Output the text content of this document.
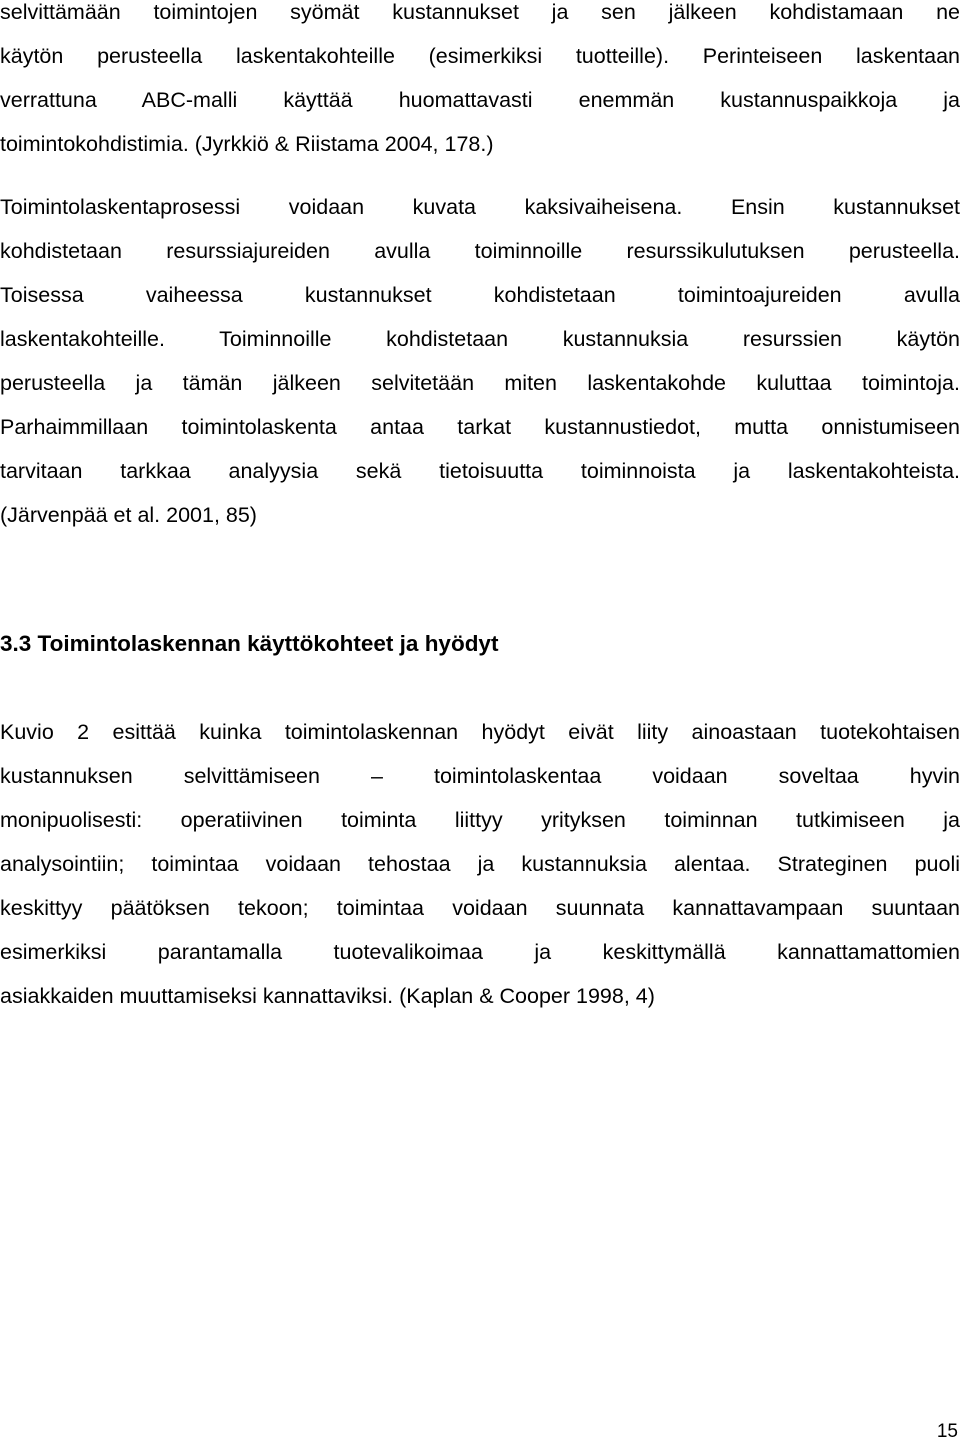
selvittämään toimintojen syömät kustannukset ja sen jälkeen kohdistamaan ne
käytön perusteella laskentakohteille (esimerkiksi tuotteille). Perinteiseen laskentaan
verrattuna ABC-malli käyttää huomattavasti enemmän kustannuspaikkoja ja
toimintokohdistimia. (Jyrkkiö & Riistama 2004, 178.)
Toimintolaskentaprosessi voidaan kuvata kaksivaiheisena. Ensin kustannukset
kohdistetaan resurssiajureiden avulla toiminnoille resurssikulutuksen perusteella.
Toisessa vaiheessa kustannukset kohdistetaan toimintoajureiden avulla
laskentakohteille. Toiminnoille kohdistetaan kustannuksia resurssien käytön
perusteella ja tämän jälkeen selvitetään miten laskentakohde kuluttaa toimintoja.
Parhaimmillaan toimintolaskenta antaa tarkat kustannustiedot, mutta onnistumiseen
tarvitaan tarkkaa analyysia sekä tietoisuutta toiminnoista ja laskentakohteista.
(Järvenpää et al. 2001, 85)
3.3 Toimintolaskennan käyttökohteet ja hyödyt
Kuvio 2 esittää kuinka toimintolaskennan hyödyt eivät liity ainoastaan tuotekohtaisen
kustannuksen selvittämiseen – toimintolaskentaa voidaan soveltaa hyvin
monipuolisesti: operatiivinen toiminta liittyy yrityksen toiminnan tutkimiseen ja
analysointiin; toimintaa voidaan tehostaa ja kustannuksia alentaa. Strateginen puoli
keskittyy päätöksen tekoon; toimintaa voidaan suunnata kannattavampaan suuntaan
esimerkiksi parantamalla tuotevalikoimaa ja keskittymällä kannattamattomien
asiakkaiden muuttamiseksi kannattaviksi. (Kaplan & Cooper 1998, 4)
15
